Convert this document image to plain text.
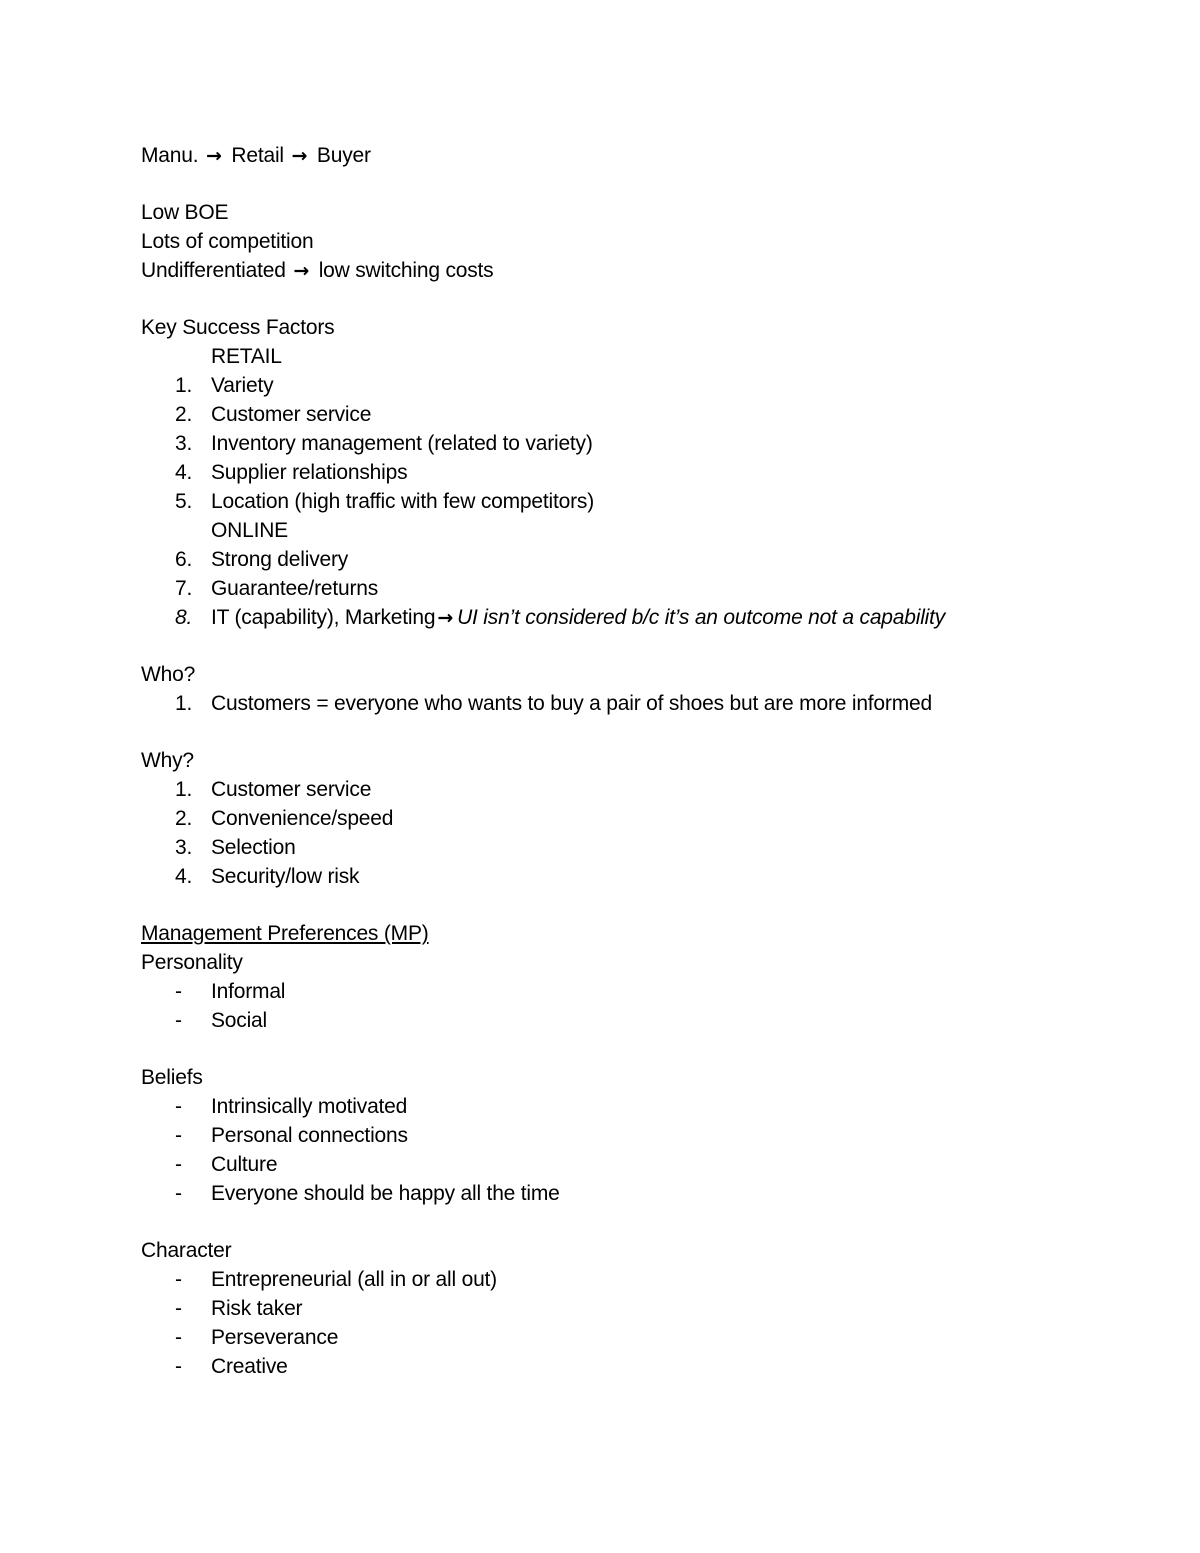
Manu. → Retail → Buyer
Low BOE
Lots of competition
Undifferentiated → low switching costs
Key Success Factors
RETAIL
1. Variety
2. Customer service
3. Inventory management (related to variety)
4. Supplier relationships
5. Location (high traffic with few competitors)
ONLINE
6. Strong delivery
7. Guarantee/returns
8. IT (capability), Marketing → UI isn’t considered b/c it’s an outcome not a capability
Who?
1. Customers = everyone who wants to buy a pair of shoes but are more informed
Why?
1. Customer service
2. Convenience/speed
3. Selection
4. Security/low risk
Management Preferences (MP)
Personality
-	Informal
-	Social
Beliefs
-	Intrinsically motivated
-	Personal connections
-	Culture
-	Everyone should be happy all the time
Character
-	Entrepreneurial (all in or all out)
-	Risk taker
-	Perseverance
-	Creative
